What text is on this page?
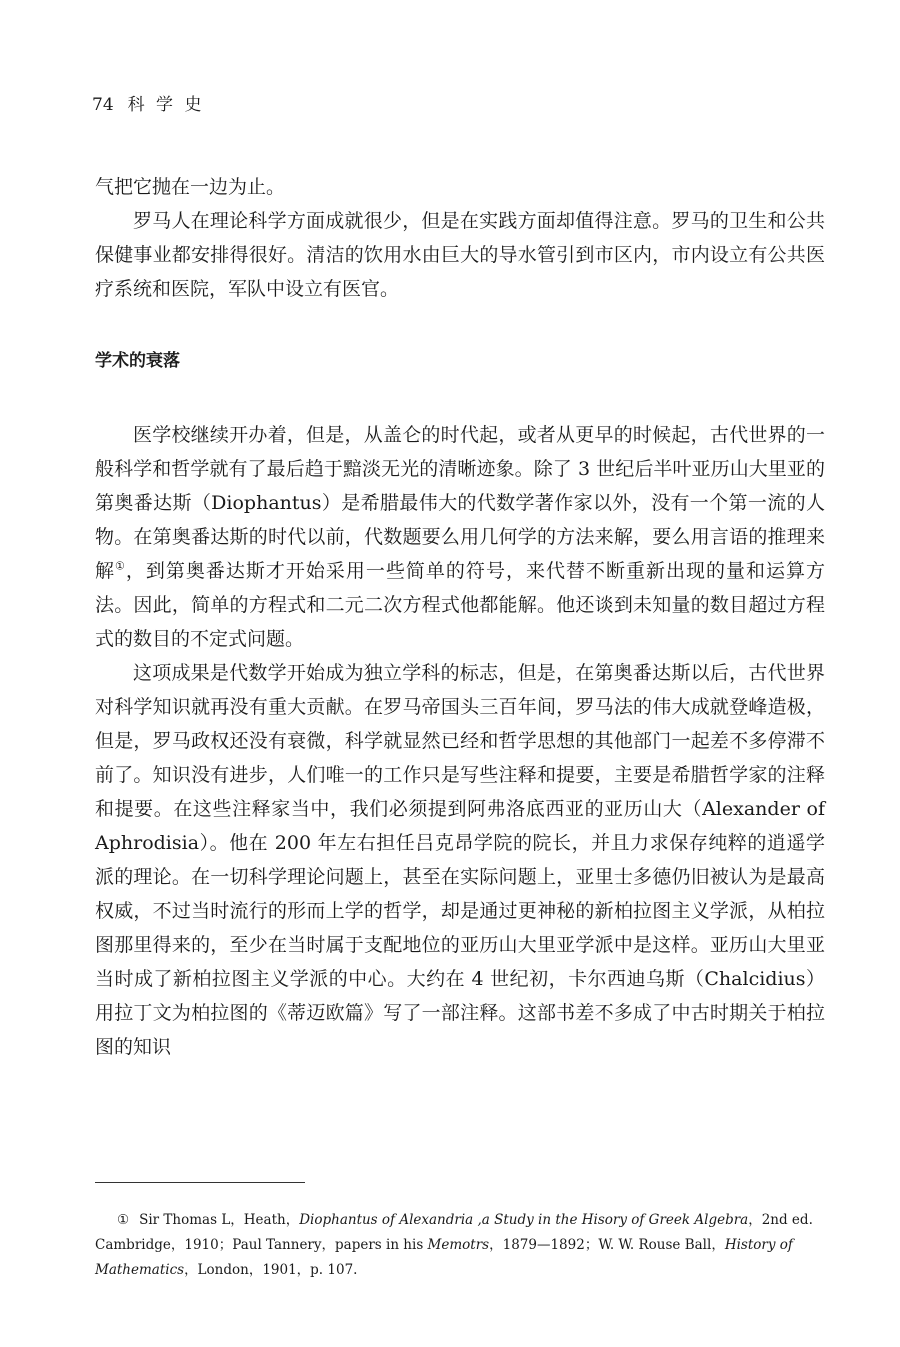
74 科 学 史

气把它抛在一边为止。

罗马人在理论科学方面成就很少，但是在实践方面却值得注意。罗马的卫生和公共保健事业都安排得很好。清洁的饮用水由巨大的导水管引到市区内，市内设立有公共医疗系统和医院，军队中设立有医官。

学术的衰落

医学校继续开办着，但是，从盖仑的时代起，或者从更早的时候起，古代世界的一般科学和哲学就有了最后趋于黯淡无光的清晰迹象。除了 3 世纪后半叶亚历山大里亚的第奥番达斯（Diophantus）是希腊最伟大的代数学著作家以外，没有一个第一流的人物。在第奥番达斯的时代以前，代数题要么用几何学的方法来解，要么用言语的推理来解①，到第奥番达斯才开始采用一些简单的符号，来代替不断重新出现的量和运算方法。因此，简单的方程式和二元二次方程式他都能解。他还谈到未知量的数目超过方程式的数目的不定式问题。

这项成果是代数学开始成为独立学科的标志，但是，在第奥番达斯以后，古代世界对科学知识就再没有重大贡献。在罗马帝国头三百年间，罗马法的伟大成就登峰造极，但是，罗马政权还没有衰微，科学就显然已经和哲学思想的其他部门一起差不多停滞不前了。知识没有进步，人们唯一的工作只是写些注释和提要，主要是希腊哲学家的注释和提要。在这些注释家当中，我们必须提到阿弗洛底西亚的亚历山大（Alexander of Aphrodisia）。他在 200 年左右担任吕克昂学院的院长，并且力求保存纯粹的逍遥学派的理论。在一切科学理论问题上，甚至在实际问题上，亚里士多德仍旧被认为是最高权威，不过当时流行的形而上学的哲学，却是通过更神秘的新柏拉图主义学派，从柏拉图那里得来的，至少在当时属于支配地位的亚历山大里亚学派中是这样。亚历山大里亚当时成了新柏拉图主义学派的中心。大约在 4 世纪初，卡尔西迪乌斯（Chalcidius）用拉丁文为柏拉图的《蒂迈欧篇》写了一部注释。这部书差不多成了中古时期关于柏拉图的知识

① Sir Thomas L，Heath，Diophantus of Alexandria ,a Study in the Hisory of Greek Algebra，2nd ed. Cambridge，1910；Paul Tannery，papers in his Memotrs，1879—1892；W. W. Rouse Ball，History of Mathematics，London，1901，p. 107.
